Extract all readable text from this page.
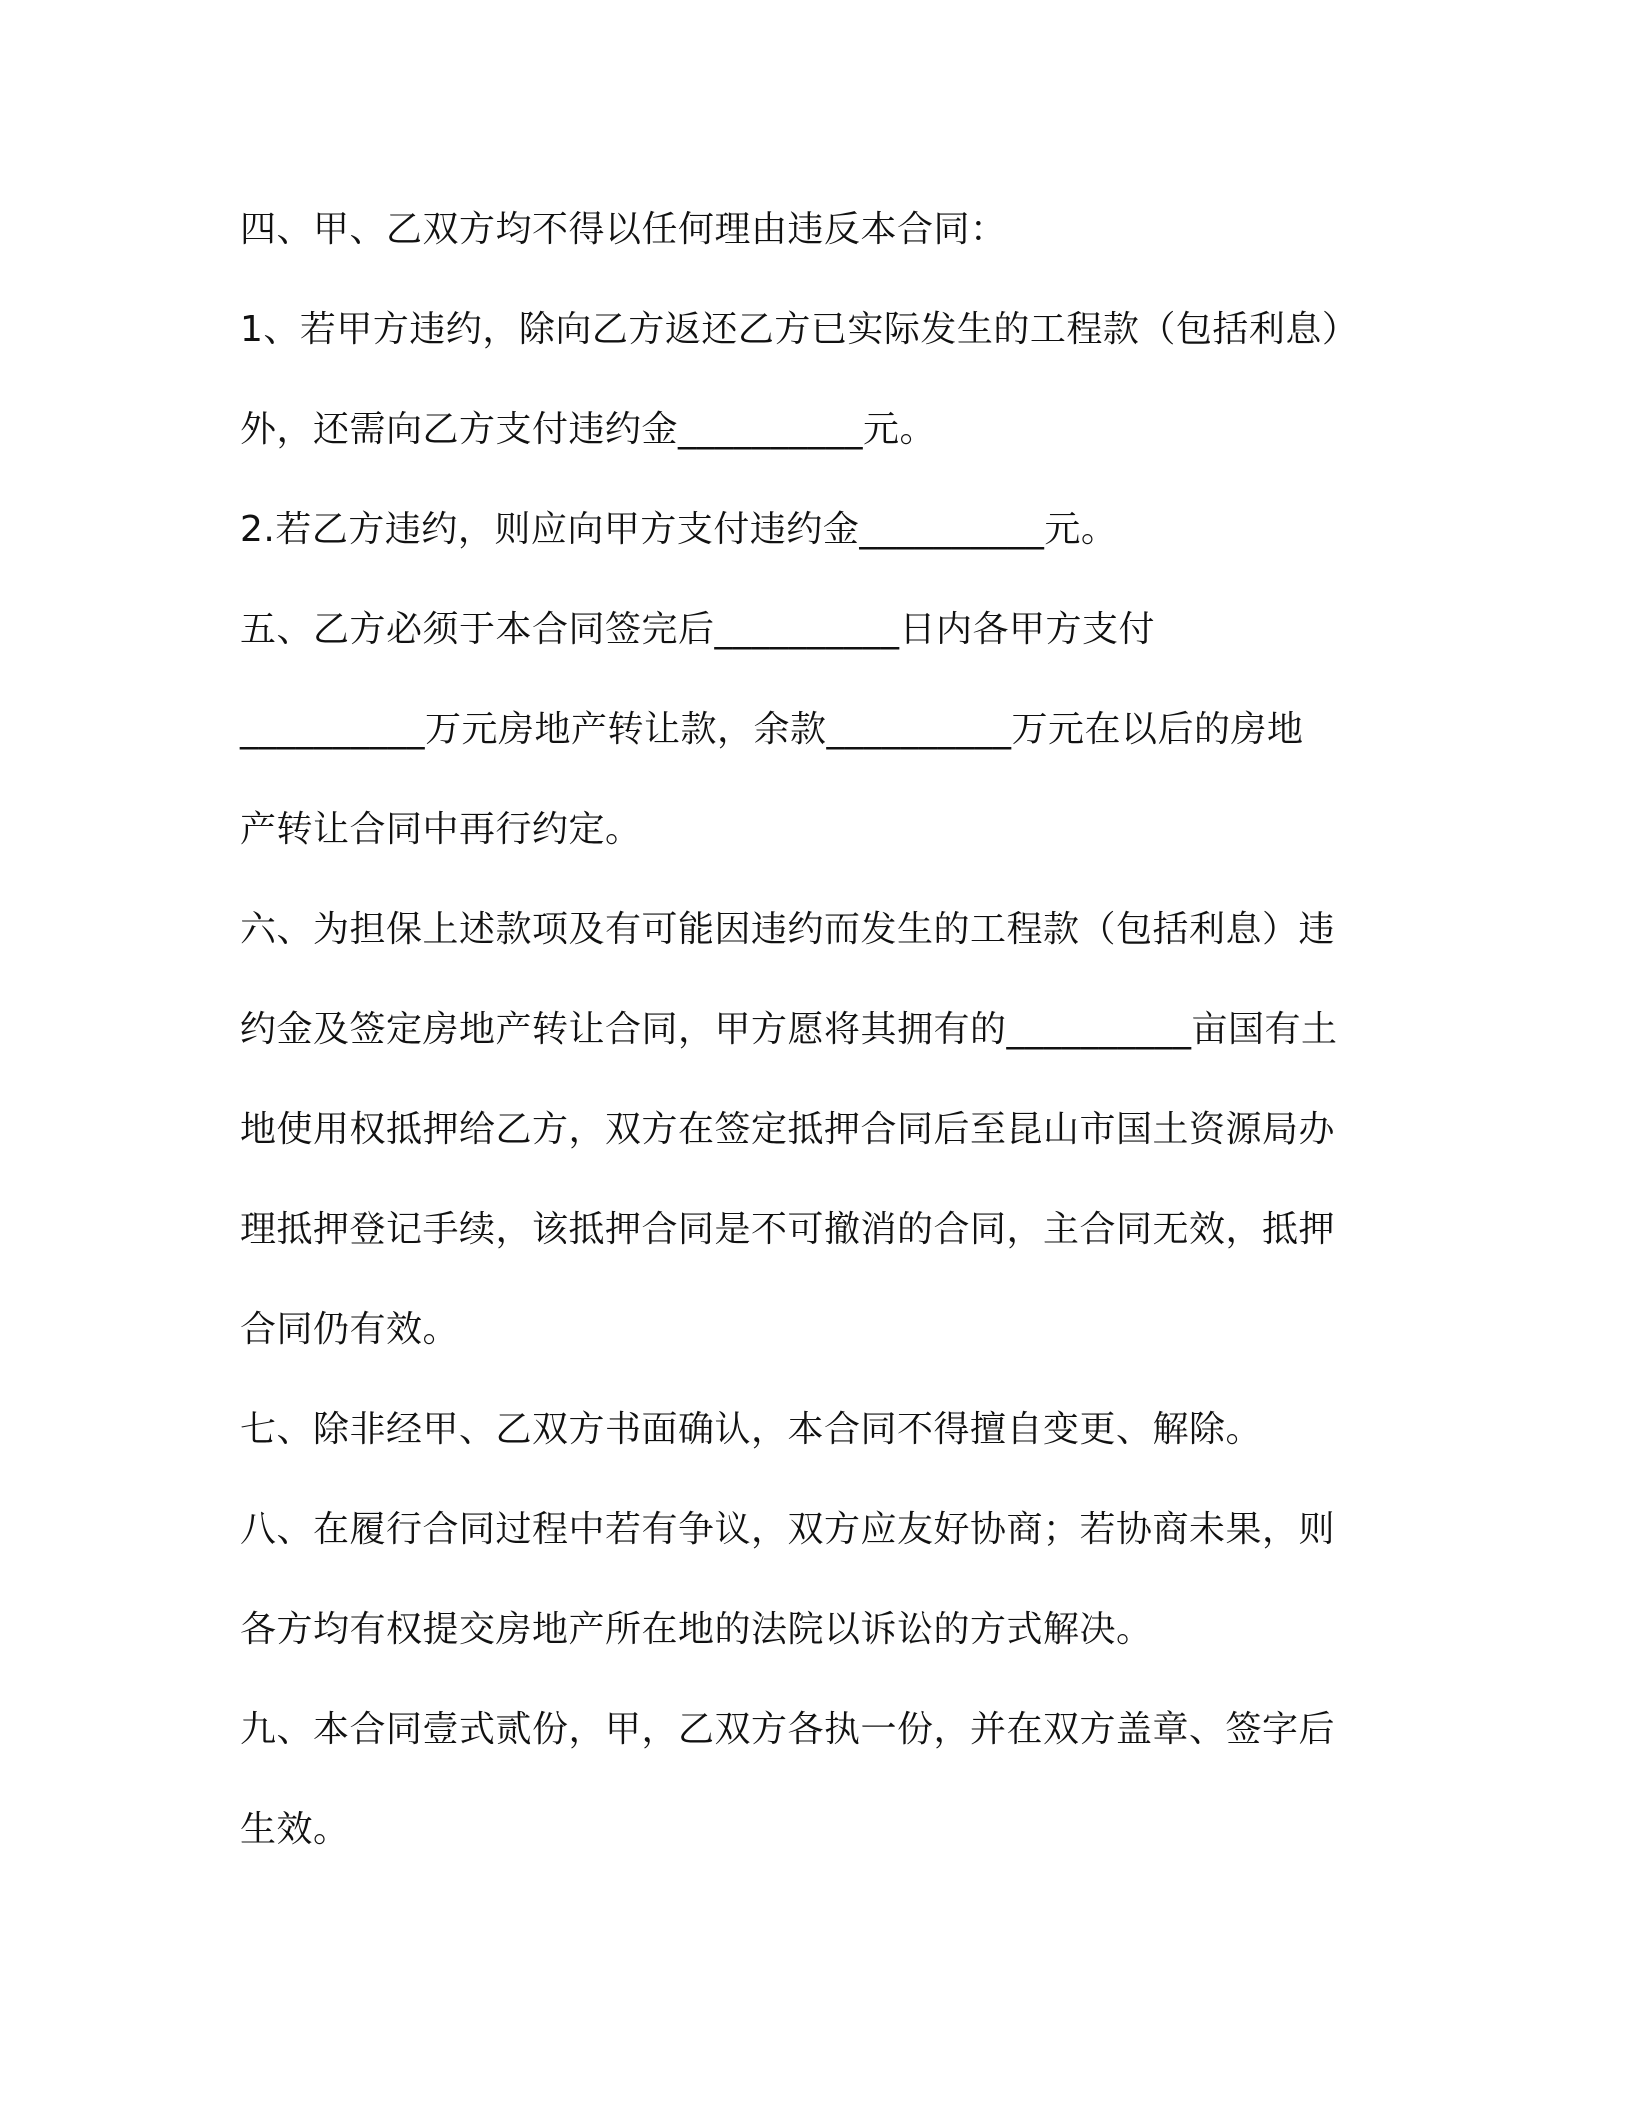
四、甲、乙双方均不得以任何理由违反本合同：
1、若甲方违约，除向乙方返还乙方已实际发生的工程款（包括利息）
外，还需向乙方支付违约金__________元。
2.若乙方违约，则应向甲方支付违约金__________元。
五、乙方必须于本合同签完后__________日内各甲方支付
__________万元房地产转让款，余款__________万元在以后的房地
产转让合同中再行约定。
六、为担保上述款项及有可能因违约而发生的工程款（包括利息）违
约金及签定房地产转让合同，甲方愿将其拥有的__________亩国有土
地使用权抵押给乙方，双方在签定抵押合同后至昆山市国土资源局办
理抵押登记手续，该抵押合同是不可撤消的合同，主合同无效，抵押
合同仍有效。
七、除非经甲、乙双方书面确认，本合同不得擅自变更、解除。
八、在履行合同过程中若有争议，双方应友好协商；若协商未果，则
各方均有权提交房地产所在地的法院以诉讼的方式解决。
九、本合同壹式贰份，甲，乙双方各执一份，并在双方盖章、签字后
生效。
